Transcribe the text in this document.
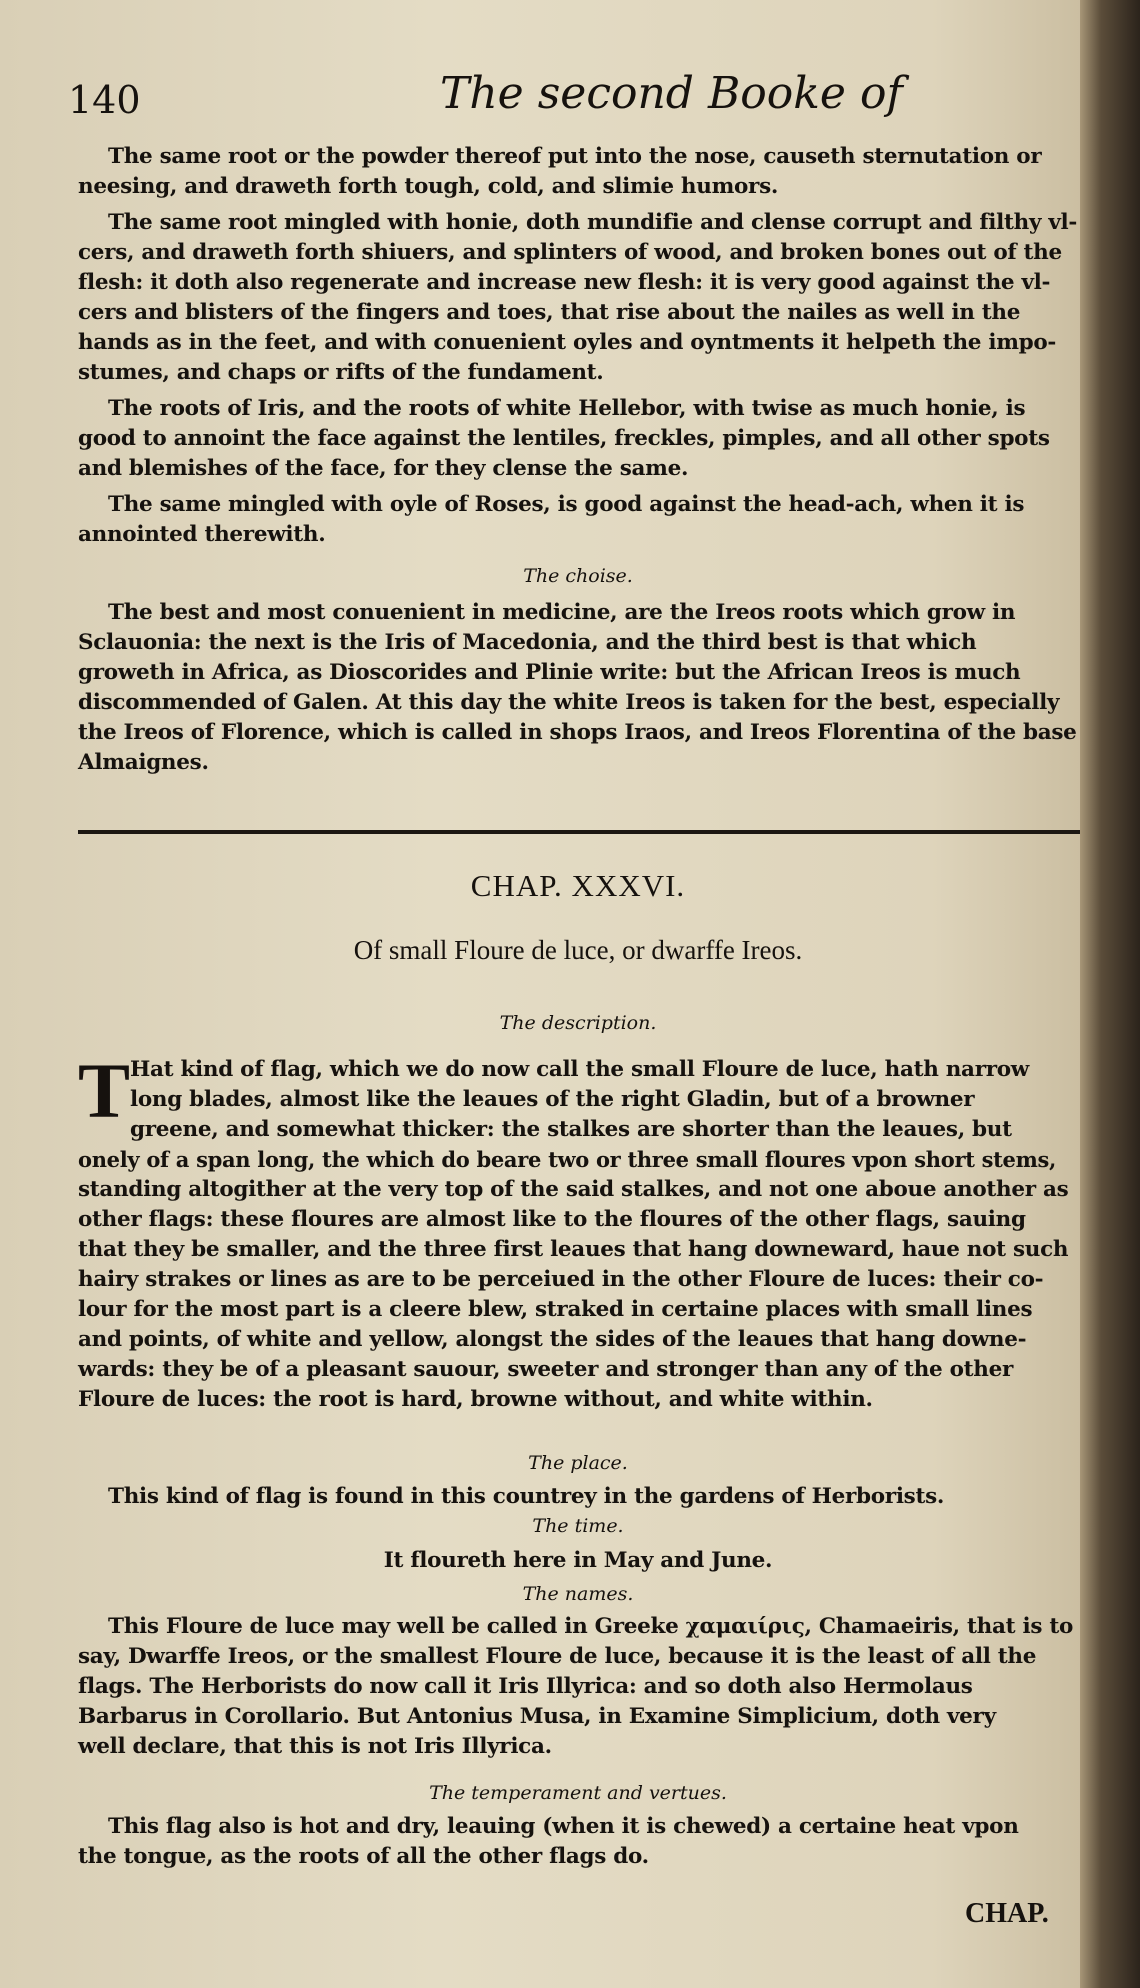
140	The second Booke of
The same root or the powder thereof put into the nose, causeth sternutation or
neesing, and draweth forth tough, cold, and slimie humors.
The same root mingled with honie, doth mundifie and clense corrupt and filthy vl-
cers, and draweth forth shiuers, and splinters of wood, and broken bones out of the
flesh: it doth also regenerate and increase new flesh: it is very good against the vl-
cers and blisters of the fingers and toes, that rise about the nailes as well in the
hands as in the feet, and with conuenient oyles and oyntments it helpeth the impo-
stumes, and chaps or rifts of the fundament.
The roots of Iris, and the roots of white Hellebor, with twise as much honie, is
good to annoint the face against the lentiles, freckles, pimples, and all other spots
and blemishes of the face, for they clense the same.
The same mingled with oyle of Roses, is good against the head-ach, when it is
annointed therewith.
The choise.
The best and most conuenient in medicine, are the Ireos roots which grow in
Sclauonia: the next is the Iris of Macedonia, and the third best is that which
groweth in Africa, as Dioscorides and Plinie write: but the African Ireos is much
discommended of Galen. At this day the white Ireos is taken for the best, especially
the Ireos of Florence, which is called in shops Iraos, and Ireos Florentina of the base
Almaignes.
CHAP. XXXVI.
Of small Floure de luce, or dwarffe Ireos.
The description.
T Hat kind of flag, which we do now call the small Floure de luce, hath narrow
long blades, almost like the leaues of the right Gladin, but of a browner
greene, and somewhat thicker: the stalkes are shorter than the leaues, but
onely of a span long, the which do beare two or three small floures vpon short stems,
standing altogither at the very top of the said stalkes, and not one aboue another as
other flags: these floures are almost like to the floures of the other flags, sauing
that they be smaller, and the three first leaues that hang downeward, haue not such
hairy strakes or lines as are to be perceiued in the other Floure de luces: their co-
lour for the most part is a cleere blew, straked in certaine places with small lines
and points, of white and yellow, alongst the sides of the leaues that hang downe-
wards: they be of a pleasant sauour, sweeter and stronger than any of the other
Floure de luces: the root is hard, browne without, and white within.
The place.
This kind of flag is found in this countrey in the gardens of Herborists.
The time.
It floureth here in May and June.
The names.
This Floure de luce may well be called in Greeke χαμαιίρις, Chamaeiris, that is to
say, Dwarffe Ireos, or the smallest Floure de luce, because it is the least of all the
flags. The Herborists do now call it Iris Illyrica: and so doth also Hermolaus
Barbarus in Corollario. But Antonius Musa, in Examine Simplicium, doth very
well declare, that this is not Iris Illyrica.
The temperament and vertues.
This flag also is hot and dry, leauing (when it is chewed) a certaine heat vpon
the tongue, as the roots of all the other flags do.
CHAP.
